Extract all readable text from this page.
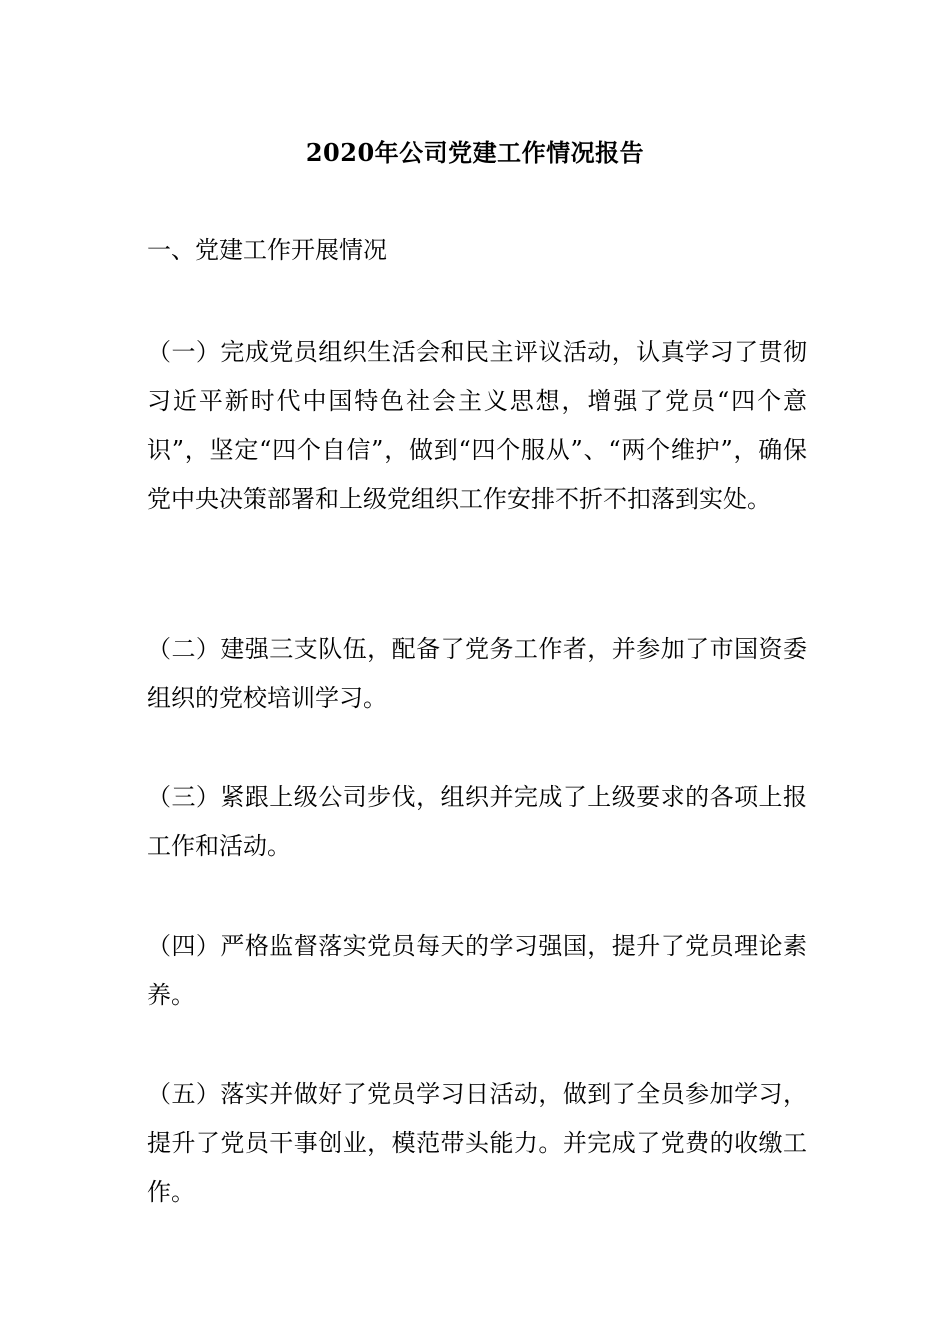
2020年公司党建工作情况报告
一、党建工作开展情况
（一）完成党员组织生活会和民主评议活动，认真学习了贯彻习近平新时代中国特色社会主义思想，增强了党员“四个意识”，坚定“四个自信”，做到“四个服从”、“两个维护”，确保党中央决策部署和上级党组织工作安排不折不扣落到实处。
（二）建强三支队伍，配备了党务工作者，并参加了市国资委组织的党校培训学习。
（三）紧跟上级公司步伐，组织并完成了上级要求的各项上报工作和活动。
（四）严格监督落实党员每天的学习强国，提升了党员理论素养。
（五）落实并做好了党员学习日活动，做到了全员参加学习，提升了党员干事创业，模范带头能力。并完成了党费的收缴工作。
